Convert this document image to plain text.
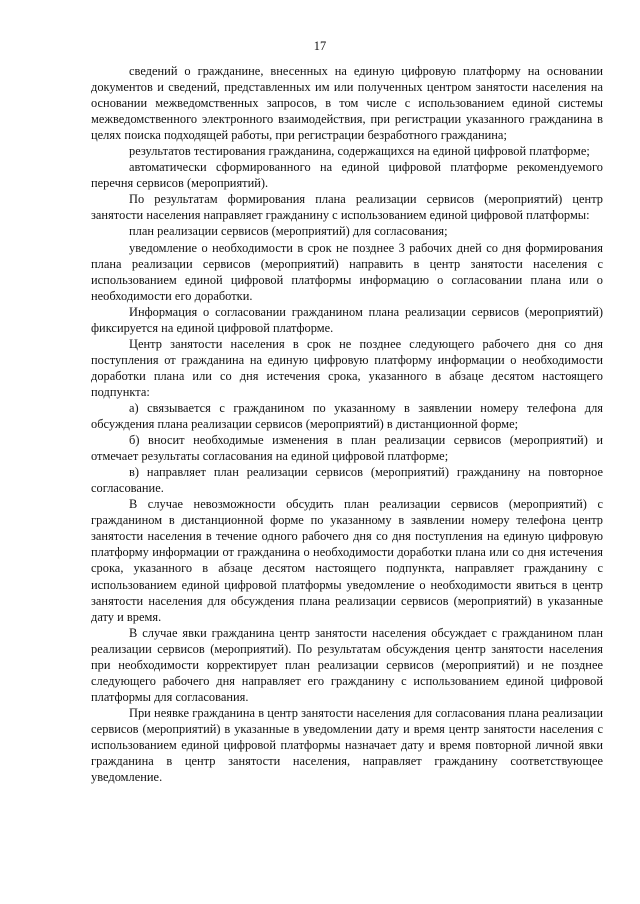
17

сведений о гражданине, внесенных на единую цифровую платформу на основании документов и сведений, представленных им или полученных центром занятости населения на основании межведомственных запросов, в том числе с использованием единой системы межведомственного электронного взаимодействия, при регистрации указанного гражданина в целях поиска подходящей работы, при регистрации безработного гражданина;

результатов тестирования гражданина, содержащихся на единой цифровой платформе;

автоматически сформированного на единой цифровой платформе рекомендуемого перечня сервисов (мероприятий).

По результатам формирования плана реализации сервисов (мероприятий) центр занятости населения направляет гражданину с использованием единой цифровой платформы:

план реализации сервисов (мероприятий) для согласования;

уведомление о необходимости в срок не позднее 3 рабочих дней со дня формирования плана реализации сервисов (мероприятий) направить в центр занятости населения с использованием единой цифровой платформы информацию о согласовании плана или о необходимости его доработки.

Информация о согласовании гражданином плана реализации сервисов (мероприятий) фиксируется на единой цифровой платформе.

Центр занятости населения в срок не позднее следующего рабочего дня со дня поступления от гражданина на единую цифровую платформу информации о необходимости доработки плана или со дня истечения срока, указанного в абзаце десятом настоящего подпункта:

а) связывается с гражданином по указанному в заявлении номеру телефона для обсуждения плана реализации сервисов (мероприятий) в дистанционной форме;

б) вносит необходимые изменения в план реализации сервисов (мероприятий) и отмечает результаты согласования на единой цифровой платформе;

в) направляет план реализации сервисов (мероприятий) гражданину на повторное согласование.

В случае невозможности обсудить план реализации сервисов (мероприятий) с гражданином в дистанционной форме по указанному в заявлении номеру телефона центр занятости населения в течение одного рабочего дня со дня поступления на единую цифровую платформу информации от гражданина о необходимости доработки плана или со дня истечения срока, указанного в абзаце десятом настоящего подпункта, направляет гражданину с использованием единой цифровой платформы уведомление о необходимости явиться в центр занятости населения для обсуждения плана реализации сервисов (мероприятий) в указанные дату и время.

В случае явки гражданина центр занятости населения обсуждает с гражданином план реализации сервисов (мероприятий). По результатам обсуждения центр занятости населения при необходимости корректирует план реализации сервисов (мероприятий) и не позднее следующего рабочего дня направляет его гражданину с использованием единой цифровой платформы для согласования.

При неявке гражданина в центр занятости населения для согласования плана реализации сервисов (мероприятий) в указанные в уведомлении дату и время центр занятости населения с использованием единой цифровой платформы назначает дату и время повторной личной явки гражданина в центр занятости населения, направляет гражданину соответствующее уведомление.
